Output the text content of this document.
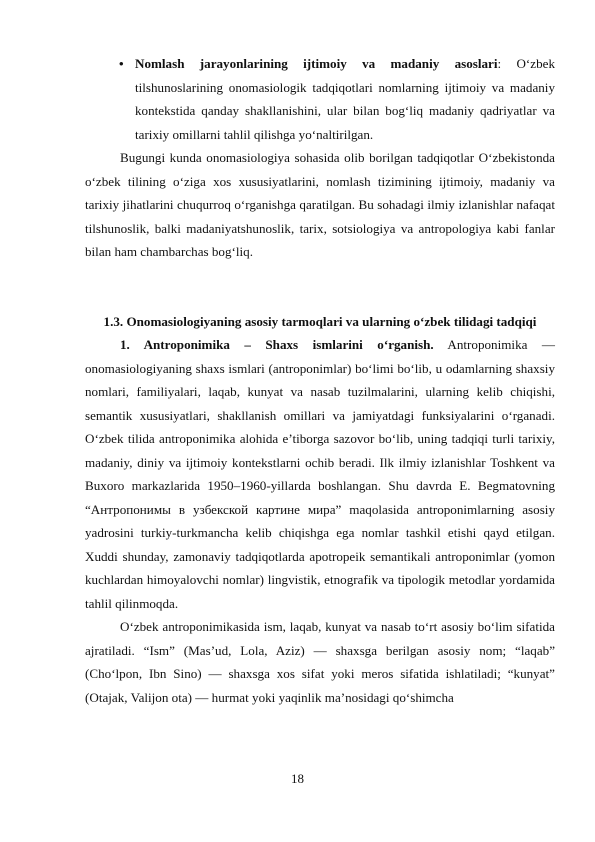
• Nomlash jarayonlarining ijtimoiy va madaniy asoslari: O‘zbek tilshunoslarining onomasiologik tadqiqotlari nomlarning ijtimoiy va madaniy kontekstida qanday shakllanishini, ular bilan bog‘liq madaniy qadriyatlar va tarixiy omillarni tahlil qilishga yo‘naltirilgan.

Bugungi kunda onomasiologiya sohasida olib borilgan tadqiqotlar O‘zbekistonda o‘zbek tilining o‘ziga xos xususiyatlarini, nomlash tizimining ijtimoiy, madaniy va tarixiy jihatlarini chuqurroq o‘rganishga qaratilgan. Bu sohadagi ilmiy izlanishlar nafaqat tilshunoslik, balki madaniyatshunoslik, tarix, sotsiologiya va antropologiya kabi fanlar bilan ham chambarchas bog‘liq.

1.3. Onomasiologiyaning asosiy tarmoqlari va ularning o‘zbek tilidagi tadqiqi

1. Antroponimika – Shaxs ismlarini o‘rganish. Antroponimika — onomasiologiyaning shaxs ismlari (antroponimlar) bo‘limi bo‘lib, u odamlarning shaxsiy nomlari, familiyalari, laqab, kunyat va nasab tuzilmalarini, ularning kelib chiqishi, semantik xususiyatlari, shakllanish omillari va jamiyatdagi funksiyalarini o‘rganadi. O‘zbek tilida antroponimika alohida e’tiborga sazovor bo‘lib, uning tadqiqi turli tarixiy, madaniy, diniy va ijtimoiy kontekstlarni ochib beradi. Ilk ilmiy izlanishlar Toshkent va Buxoro markazlarida 1950–1960-yillarda boshlangan. Shu davrda E. Begmatovning “Антропонимы в узбекской картине мира” maqolasida antroponimlarning asosiy yadrosini turkiy-turkmancha kelib chiqishga ega nomlar tashkil etishi qayd etilgan. Xuddi shunday, zamonaviy tadqiqotlarda apotropeik semantikali antroponimlar (yomon kuchlardan himoyalovchi nomlar) lingvistik, etnografik va tipologik metodlar yordamida tahlil qilinmoqda.

O‘zbek antroponimikasida ism, laqab, kunyat va nasab to‘rt asosiy bo‘lim sifatida ajratiladi. “Ism” (Mas’ud, Lola, Aziz) — shaxsga berilgan asosiy nom; “laqab” (Cho‘lpon, Ibn Sino) — shaxsga xos sifat yoki meros sifatida ishlatiladi; “kunyat” (Otajak, Valijon ota) — hurmat yoki yaqinlik ma’nosidagi qo‘shimcha

18
